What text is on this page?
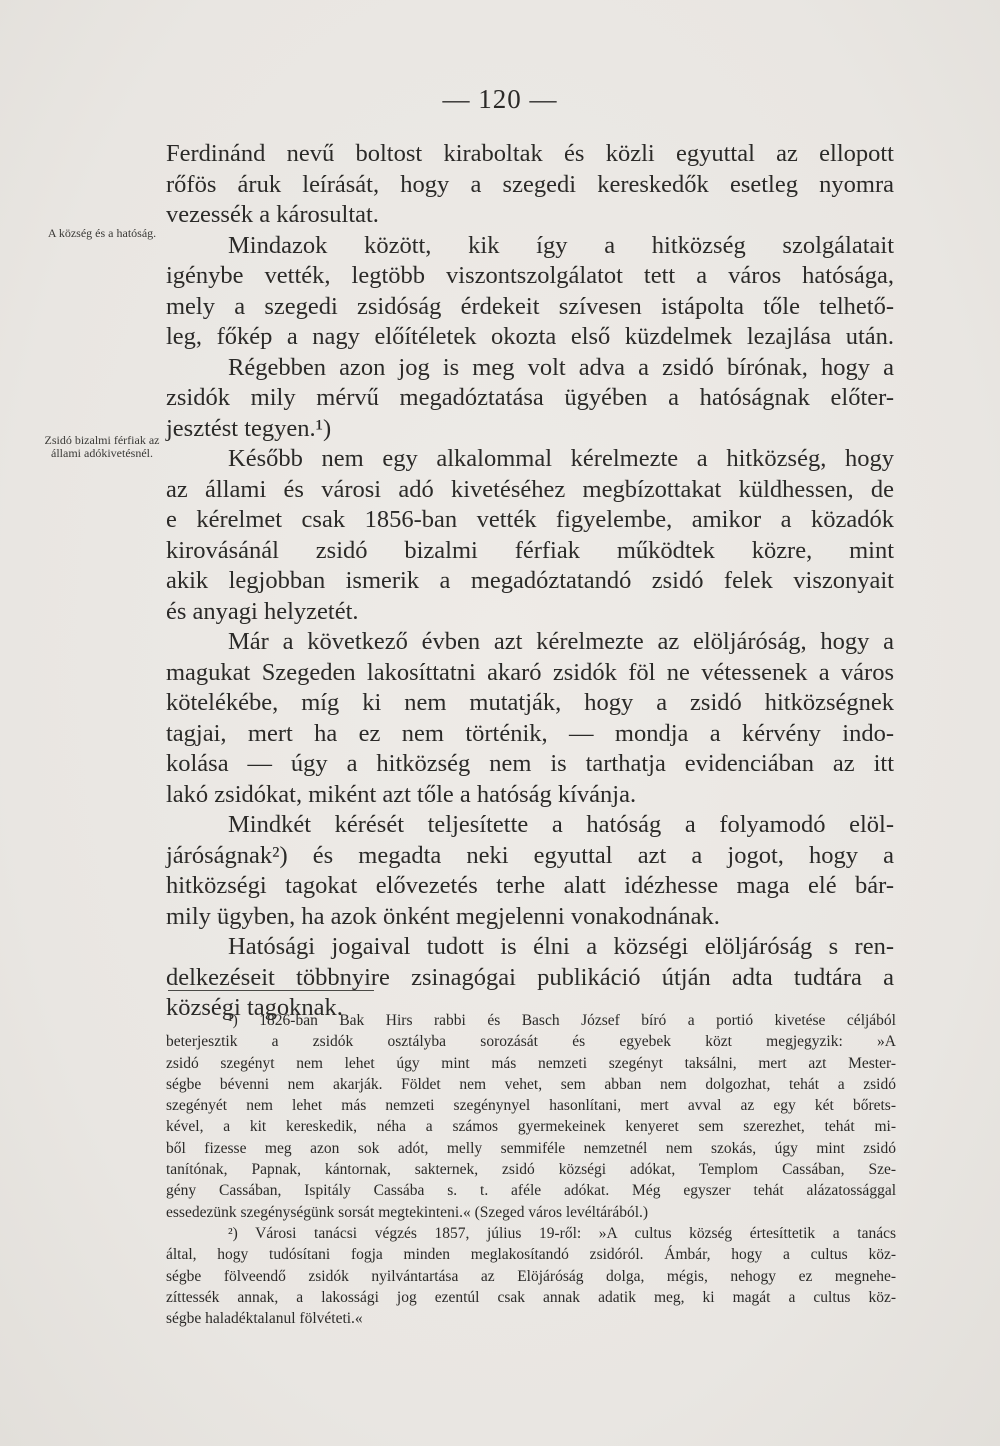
— 120 —
A község és a hatóság.
Zsidó bizalmi férfiak az állami adókivetésnél.
Ferdinánd nevű boltost kiraboltak és közli egyuttal az ellopott
rőfös áruk leírását, hogy a szegedi kereskedők esetleg nyomra
vezessék a károsultat.
Mindazok között, kik így a hitközség szolgálatait
igénybe vették, legtöbb viszontszolgálatot tett a város hatósága,
mely a szegedi zsidóság érdekeit szívesen istápolta tőle telhető-
leg, főkép a nagy előítéletek okozta első küzdelmek lezajlása után.
Régebben azon jog is meg volt adva a zsidó bírónak, hogy a
zsidók mily mérvű megadóztatása ügyében a hatóságnak előter-
jesztést tegyen.¹)
Később nem egy alkalommal kérelmezte a hitközség, hogy
az állami és városi adó kivetéséhez megbízottakat küldhessen, de
e kérelmet csak 1856-ban vették figyelembe, amikor a közadók
kirovásánál zsidó bizalmi férfiak működtek közre, mint
akik legjobban ismerik a megadóztatandó zsidó felek viszonyait
és anyagi helyzetét.
Már a következő évben azt kérelmezte az elöljáróság, hogy a
magukat Szegeden lakosíttatni akaró zsidók föl ne vétessenek a város
kötelékébe, míg ki nem mutatják, hogy a zsidó hitközségnek
tagjai, mert ha ez nem történik, — mondja a kérvény indo-
kolása — úgy a hitközség nem is tarthatja evidenciában az itt
lakó zsidókat, miként azt tőle a hatóság kívánja.
Mindkét kérését teljesítette a hatóság a folyamodó elöl-
járóságnak²) és megadta neki egyuttal azt a jogot, hogy a
hitközségi tagokat elővezetés terhe alatt idézhesse maga elé bár-
mily ügyben, ha azok önként megjelenni vonakodnának.
Hatósági jogaival tudott is élni a községi elöljáróság s ren-
delkezéseit többnyire zsinagógai publikáció útján adta tudtára a
községi tagoknak.
¹) 1826-ban Bak Hirs rabbi és Basch József bíró a portió kivetése céljából
beterjesztik a zsidók osztályba sorozását és egyebek közt megjegyzik: »A
zsidó szegényt nem lehet úgy mint más nemzeti szegényt taksálni, mert azt Mester-
ségbe bévenni nem akarják. Földet nem vehet, sem abban nem dolgozhat, tehát a zsidó
szegényét nem lehet más nemzeti szegénynyel hasonlítani, mert avval az egy két bőrets-
kével, a kit kereskedik, néha a számos gyermekeinek kenyeret sem szerezhet, tehát mi-
ből fizesse meg azon sok adót, melly semmiféle nemzetnél nem szokás, úgy mint zsidó
tanítónak, Papnak, kántornak, sakternek, zsidó községi adókat, Templom Cassában, Sze-
gény Cassában, Ispitály Cassába s. t. aféle adókat. Még egyszer tehát alázatossággal
essedezünk szegénységünk sorsát megtekinteni.« (Szeged város levéltárából.)
²) Városi tanácsi végzés 1857, július 19-ről: »A cultus község értesíttetik a tanács
által, hogy tudósítani fogja minden meglakosítandó zsidóról. Ámbár, hogy a cultus köz-
ségbe fölveendő zsidók nyilvántartása az Elöjáróság dolga, mégis, nehogy ez megnehe-
zíttessék annak, a lakossági jog ezentúl csak annak adatik meg, ki magát a cultus köz-
ségbe haladéktalanul fölvéteti.«
